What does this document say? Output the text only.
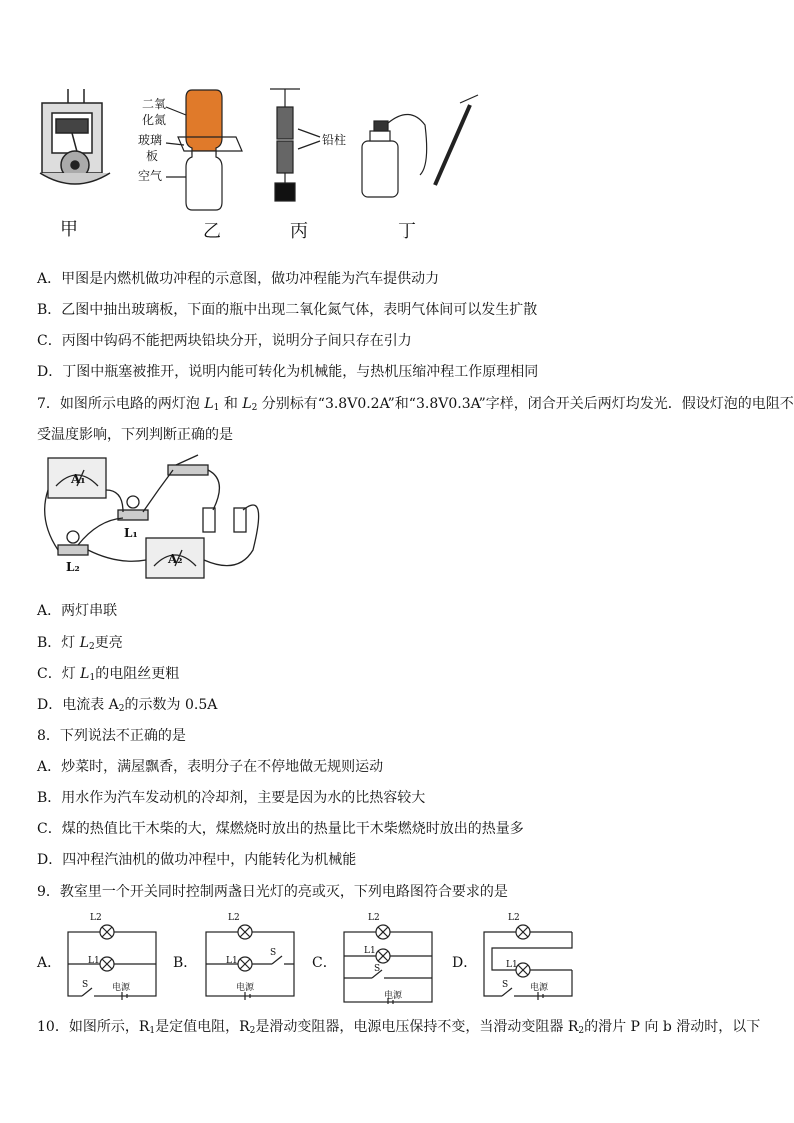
二氧
化氮
玻璃
板
空气
铅柱
甲	乙	丙	丁
A．甲图是内燃机做功冲程的示意图，做功冲程能为汽车提供动力
B．乙图中抽出玻璃板，下面的瓶中出现二氧化氮气体，表明气体间可以发生扩散
C．丙图中钩码不能把两块铅块分开，说明分子间只存在引力
D．丁图中瓶塞被推开，说明内能可转化为机械能，与热机压缩冲程工作原理相同
7．如图所示电路的两灯泡 $L_1$ 和 $L_2$ 分别标有“3.8V0.2A”和“3.8V0.3A”字样，闭合开关后两灯均发光．假设灯泡的电阻不
受温度影响，下列判断正确的是
A₁
L₁
L₂
A₂
A．两灯串联
B．灯 $L_2$更亮
C．灯 $L_1$的电阻丝更粗
D．电流表 $A_2$的示数为 0.5A
8．下列说法不正确的是
A．炒菜时，满屋飘香，表明分子在不停地做无规则运动
B．用水作为汽车发动机的冷却剂，主要是因为水的比热容较大
C．煤的热值比干木柴的大，煤燃烧时放出的热量比干木柴燃烧时放出的热量多
D．四冲程汽油机的做功冲程中，内能转化为机械能
9．教室里一个开关同时控制两盏日光灯的亮或灭，下列电路图符合要求的是
A．
L2
L1
S	电源
B．
L2
L1
S
电源
C．
L2
L1
S
电源
D．
L2
L1
S 电源
10．如图所示，$R_1$是定值电阻，$R_2$是滑动变阻器，电源电压保持不变，当滑动变阻器 $R_2$的滑片 P 向 b 滑动时，以下
